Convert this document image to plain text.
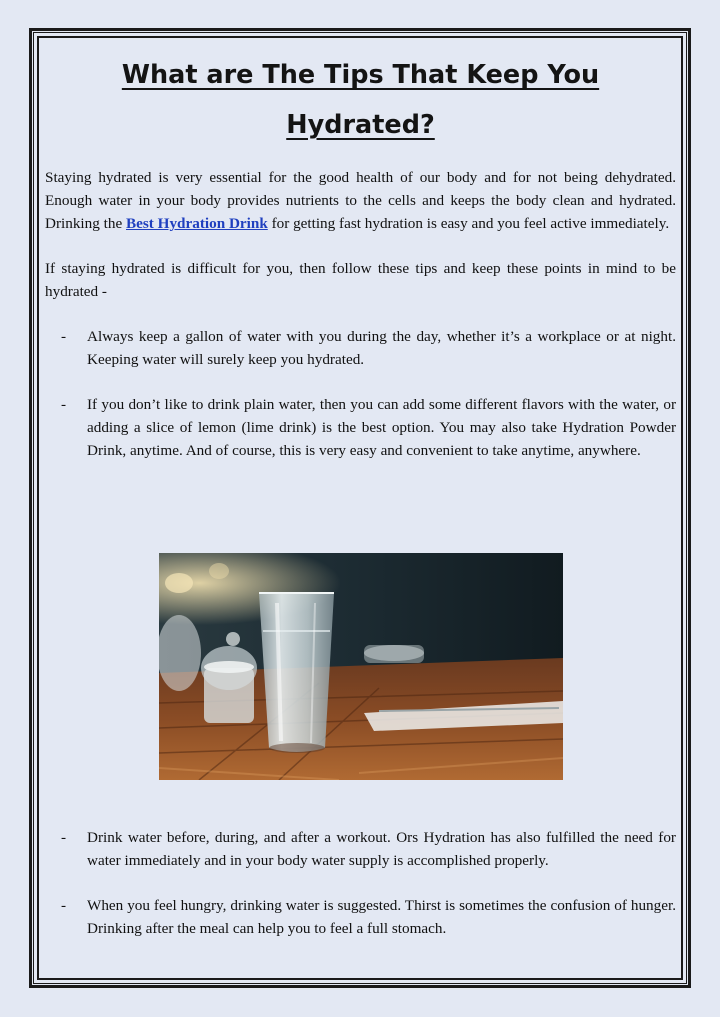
What are The Tips That Keep You Hydrated?

Staying hydrated is very essential for the good health of our body and for not being dehydrated. Enough water in your body provides nutrients to the cells and keeps the body clean and hydrated. Drinking the Best Hydration Drink for getting fast hydration is easy and you feel active immediately.

If staying hydrated is difficult for you, then follow these tips and keep these points in mind to be hydrated -

- Always keep a gallon of water with you during the day, whether it’s a workplace or at night. Keeping water will surely keep you hydrated.

- If you don’t like to drink plain water, then you can add some different flavors with the water, or adding a slice of lemon (lime drink) is the best option. You may also take Hydration Powder Drink, anytime. And of course, this is very easy and convenient to take anytime, anywhere.

- Drink water before, during, and after a workout. Ors Hydration has also fulfilled the need for water immediately and in your body water supply is accomplished properly.

- When you feel hungry, drinking water is suggested. Thirst is sometimes the confusion of hunger. Drinking after the meal can help you to feel a full stomach.
